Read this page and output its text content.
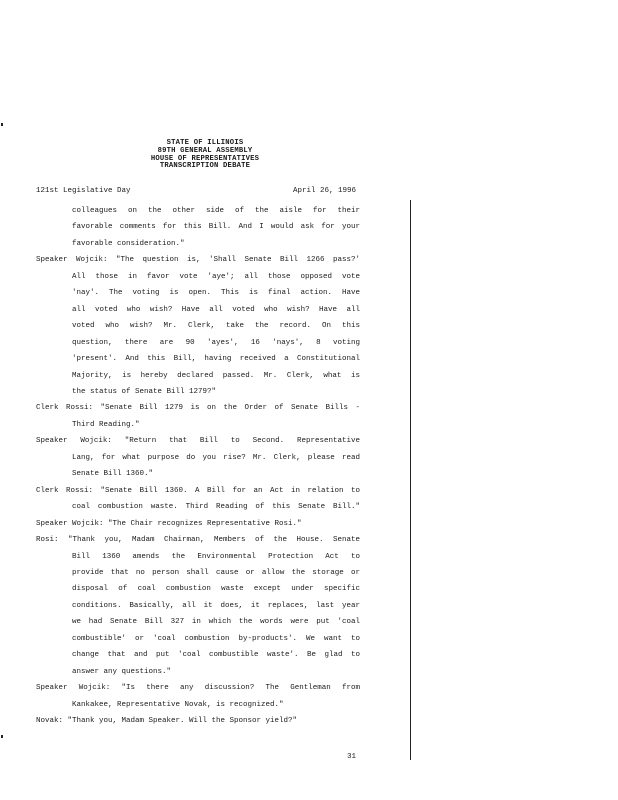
STATE OF ILLINOIS
89TH GENERAL ASSEMBLY
HOUSE OF REPRESENTATIVES
TRANSCRIPTION DEBATE
121st Legislative Day	April 26, 1996
colleagues on the other side of the aisle for their
favorable comments for this Bill. And I would ask for your
favorable consideration."
Speaker Wojcik: "The question is, 'Shall Senate Bill 1266 pass?'
All those in favor vote 'aye'; all those opposed vote
'nay'. The voting is open. This is final action. Have
all voted who wish? Have all voted who wish? Have all
voted who wish? Mr. Clerk, take the record. On this
question, there are 90 'ayes', 16 'nays', 8 voting
'present'. And this Bill, having received a Constitutional
Majority, is hereby declared passed. Mr. Clerk, what is
the status of Senate Bill 1279?"
Clerk Rossi: "Senate Bill 1279 is on the Order of Senate Bills -
Third Reading."
Speaker Wojcik: "Return that Bill to Second. Representative
Lang, for what purpose do you rise? Mr. Clerk, please read
Senate Bill 1360."
Clerk Rossi: "Senate Bill 1360. A Bill for an Act in relation to
coal combustion waste. Third Reading of this Senate Bill."
Speaker Wojcik: "The Chair recognizes Representative Rosi."
Rosi: "Thank you, Madam Chairman, Members of the House. Senate
Bill 1360 amends the Environmental Protection Act to
provide that no person shall cause or allow the storage or
disposal of coal combustion waste except under specific
conditions. Basically, all it does, it replaces, last year
we had Senate Bill 327 in which the words were put 'coal
combustible' or 'coal combustion by-products'. We want to
change that and put 'coal combustible waste'. Be glad to
answer any questions."
Speaker Wojcik: "Is there any discussion? The Gentleman from
Kankakee, Representative Novak, is recognized."
Novak: "Thank you, Madam Speaker. Will the Sponsor yield?"
31
